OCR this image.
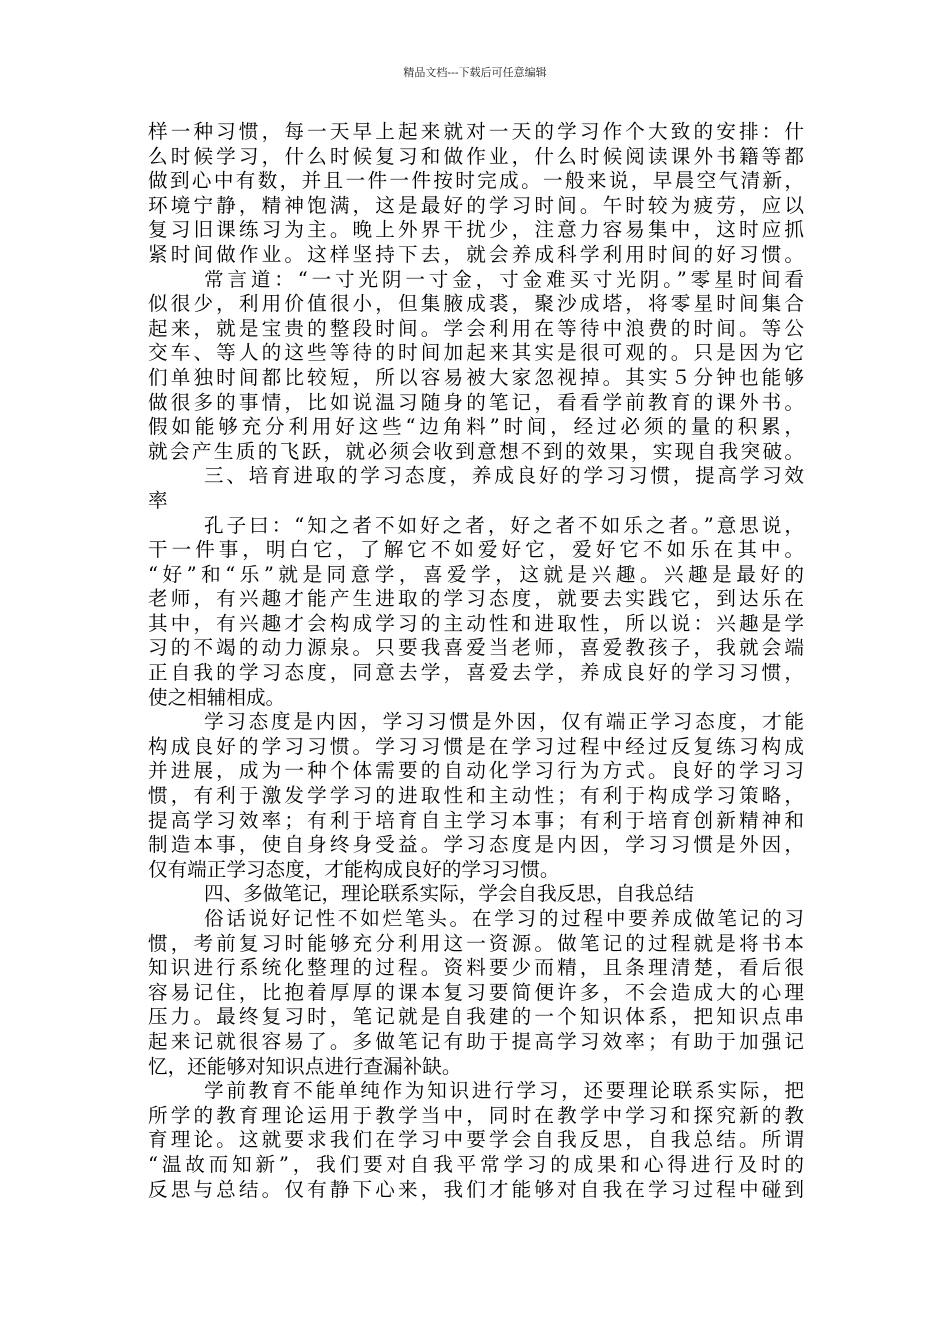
精品文档---下载后可任意编辑
样一种习惯，每一天早上起来就对一天的学习作个大致的安排：什
么时候学习，什么时候复习和做作业，什么时候阅读课外书籍等都
做到心中有数，并且一件一件按时完成。一般来说，早晨空气清新，
环境宁静，精神饱满，这是最好的学习时间。午时较为疲劳，应以
复习旧课练习为主。晚上外界干扰少，注意力容易集中，这时应抓
紧时间做作业。这样坚持下去，就会养成科学利用时间的好习惯。
常言道：“一寸光阴一寸金，寸金难买寸光阴。”零星时间看
似很少，利用价值很小，但集腋成裘，聚沙成塔，将零星时间集合
起来，就是宝贵的整段时间。学会利用在等待中浪费的时间。等公
交车、等人的这些等待的时间加起来其实是很可观的。只是因为它
们单独时间都比较短，所以容易被大家忽视掉。其实５分钟也能够
做很多的事情，比如说温习随身的笔记，看看学前教育的课外书。
假如能够充分利用好这些“边角料”时间，经过必须的量的积累，
就会产生质的飞跃，就必须会收到意想不到的效果，实现自我突破。
三、培育进取的学习态度，养成良好的学习习惯，提高学习效
率
孔子曰：“知之者不如好之者，好之者不如乐之者。”意思说，
干一件事，明白它，了解它不如爱好它，爱好它不如乐在其中。
“好”和“乐”就是同意学，喜爱学，这就是兴趣。兴趣是最好的
老师，有兴趣才能产生进取的学习态度，就要去实践它，到达乐在
其中，有兴趣才会构成学习的主动性和进取性，所以说：兴趣是学
习的不竭的动力源泉。只要我喜爱当老师，喜爱教孩子，我就会端
正自我的学习态度，同意去学，喜爱去学，养成良好的学习习惯，
使之相辅相成。
学习态度是内因，学习习惯是外因，仅有端正学习态度，才能
构成良好的学习习惯。学习习惯是在学习过程中经过反复练习构成
并进展，成为一种个体需要的自动化学习行为方式。良好的学习习
惯，有利于激发学学习的进取性和主动性；有利于构成学习策略，
提高学习效率；有利于培育自主学习本事；有利于培育创新精神和
制造本事，使自身终身受益。学习态度是内因，学习习惯是外因，
仅有端正学习态度，才能构成良好的学习习惯。
四、多做笔记，理论联系实际，学会自我反思，自我总结
俗话说好记性不如烂笔头。在学习的过程中要养成做笔记的习
惯，考前复习时能够充分利用这一资源。做笔记的过程就是将书本
知识进行系统化整理的过程。资料要少而精，且条理清楚，看后很
容易记住，比抱着厚厚的课本复习要简便许多，不会造成大的心理
压力。最终复习时，笔记就是自我建的一个知识体系，把知识点串
起来记就很容易了。多做笔记有助于提高学习效率；有助于加强记
忆，还能够对知识点进行查漏补缺。
学前教育不能单纯作为知识进行学习，还要理论联系实际，把
所学的教育理论运用于教学当中，同时在教学中学习和探究新的教
育理论。这就要求我们在学习中要学会自我反思，自我总结。所谓
“温故而知新”，我们要对自我平常学习的成果和心得进行及时的
反思与总结。仅有静下心来，我们才能够对自我在学习过程中碰到
